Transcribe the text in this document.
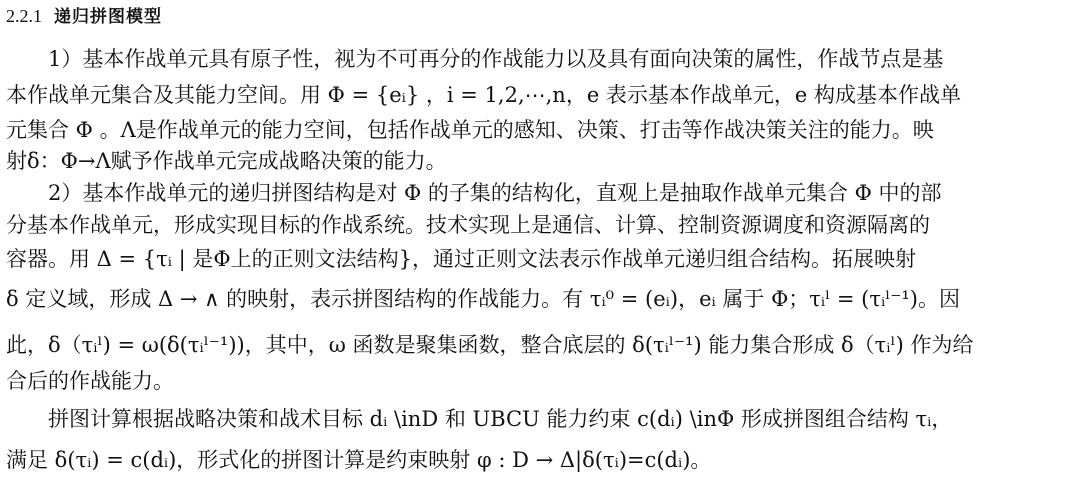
2.2.1 递归拼图模型
　　1）基本作战单元具有原子性，视为不可再分的作战能力以及具有面向决策的属性，作战节点是基
本作战单元集合及其能力空间。用 Φ = {eᵢ} ，i = 1,2,⋯,n，e 表示基本作战单元，e 构成基本作战单
元集合 Φ 。Λ是作战单元的能力空间，包括作战单元的感知、决策、打击等作战决策关注的能力。映
射δ：Φ→Λ赋予作战单元完成战略决策的能力。
　　2）基本作战单元的递归拼图结构是对 Φ 的子集的结构化，直观上是抽取作战单元集合 Φ 中的部
分基本作战单元，形成实现目标的作战系统。技术实现上是通信、计算、控制资源调度和资源隔离的
容器。用 Δ = {τᵢ | 是Φ上的正则文法结构}，通过正则文法表示作战单元递归组合结构。拓展映射
δ 定义域，形成 Δ → ∧ 的映射，表示拼图结构的作战能力。有 τᵢ⁰ = (eᵢ)，eᵢ 属于 Φ；τᵢˡ = (τᵢˡ⁻¹)。因
此，δ（τᵢˡ) = ω(δ(τᵢˡ⁻¹))，其中，ω 函数是聚集函数，整合底层的 δ(τᵢˡ⁻¹) 能力集合形成 δ（τᵢˡ) 作为给
合后的作战能力。
　　拼图计算根据战略决策和战术目标 dᵢ \inD 和 UBCU 能力约束 c(dᵢ) \inΦ 形成拼图组合结构 τᵢ，
满足 δ(τᵢ) = c(dᵢ)，形式化的拼图计算是约束映射 φ : D → Δ|δ(τᵢ)=c(dᵢ)。
